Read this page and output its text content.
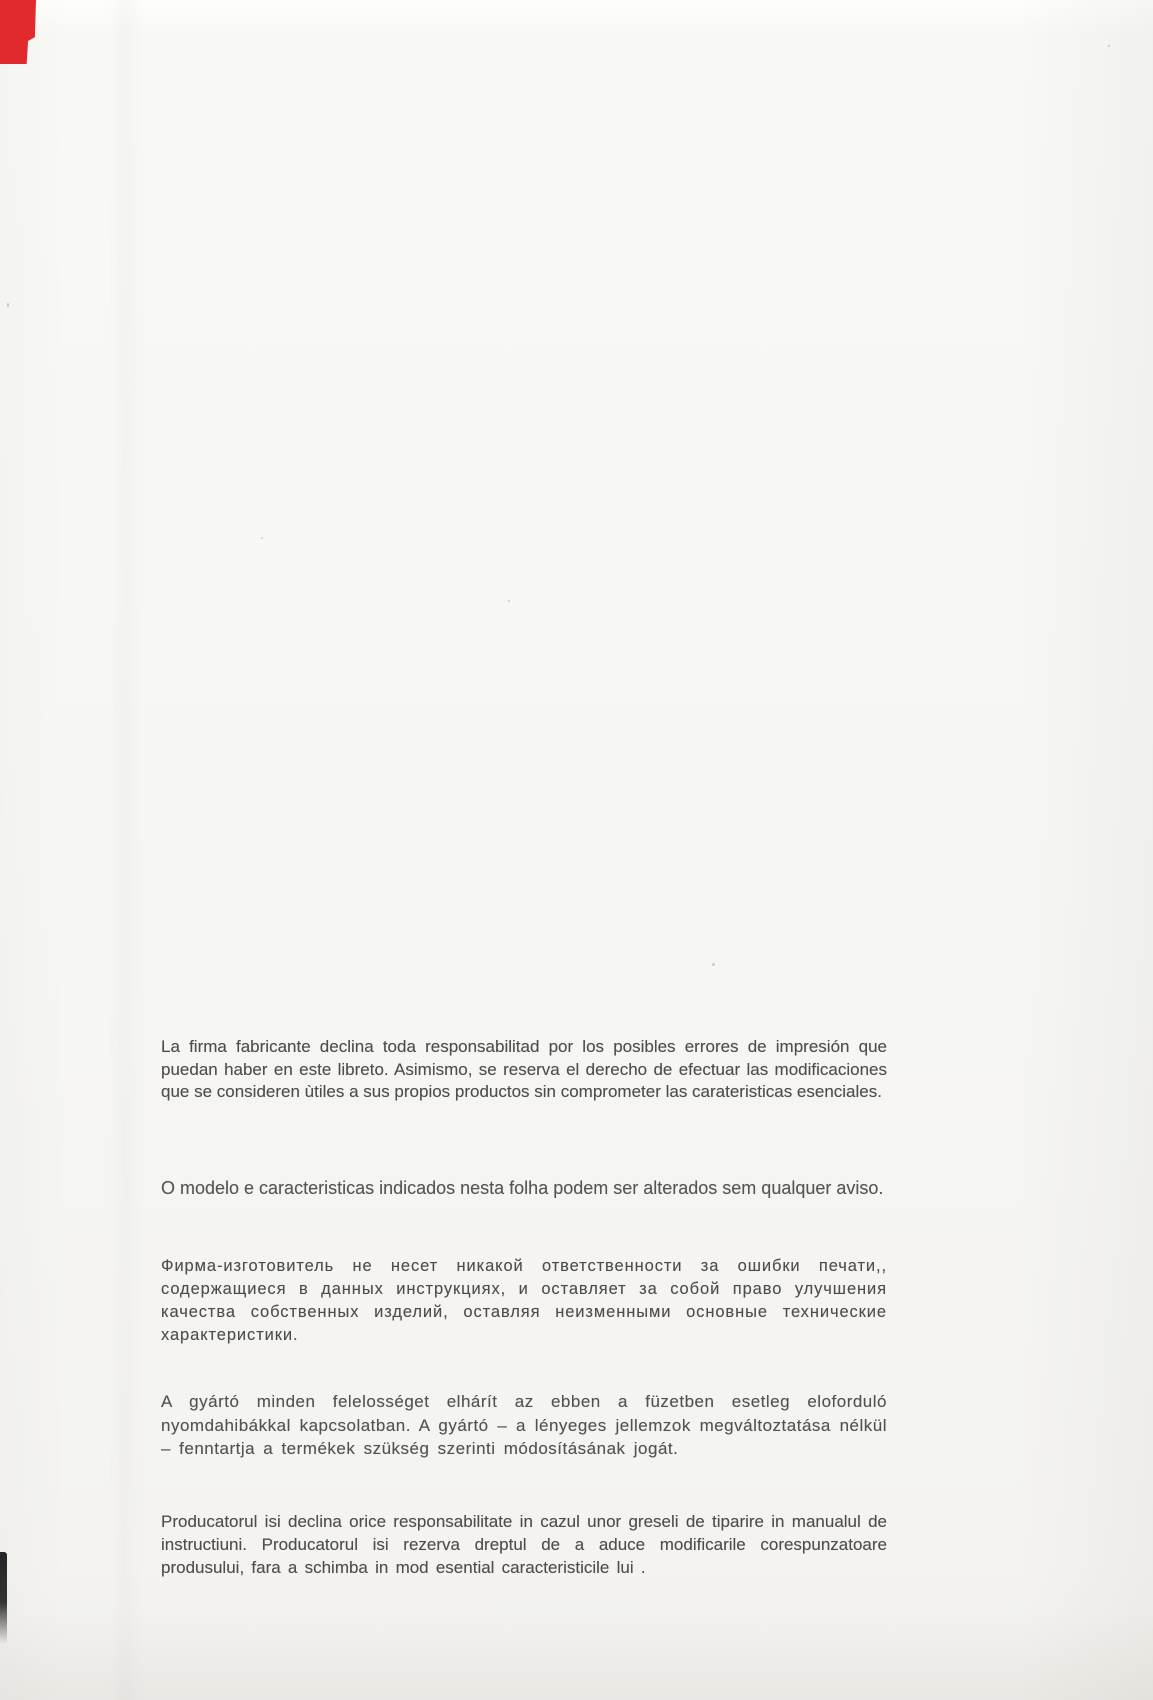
La firma fabricante declina toda responsabilitad por los posibles errores de impresión que puedan haber en este libreto. Asimismo, se reserva el derecho de efectuar las modificaciones que se consideren ùtiles a sus propios productos sin comprometer las carateristicas esenciales.

O modelo e caracteristicas indicados nesta folha podem ser alterados sem qualquer aviso.

Фирма-изготовитель не несет никакой ответственности за ошибки печати,, содержащиеся в данных инструкциях, и оставляет за собой право улучшения качества собственных изделий, оставляя неизменными основные технические характеристики.

A gyártó minden felelosséget elhárít az ebben a füzetben esetleg eloforduló nyomdahibákkal kapcsolatban. A gyártó – a lényeges jellemzok megváltoztatása nélkül – fenntartja a termékek szükség szerinti módosításának jogát.

Producatorul isi declina orice responsabilitate in cazul unor greseli de tiparire in manualul de instructiuni. Producatorul isi rezerva dreptul de a aduce modificarile corespunzatoare produsului, fara a schimba in mod esential caracteristicile lui .
